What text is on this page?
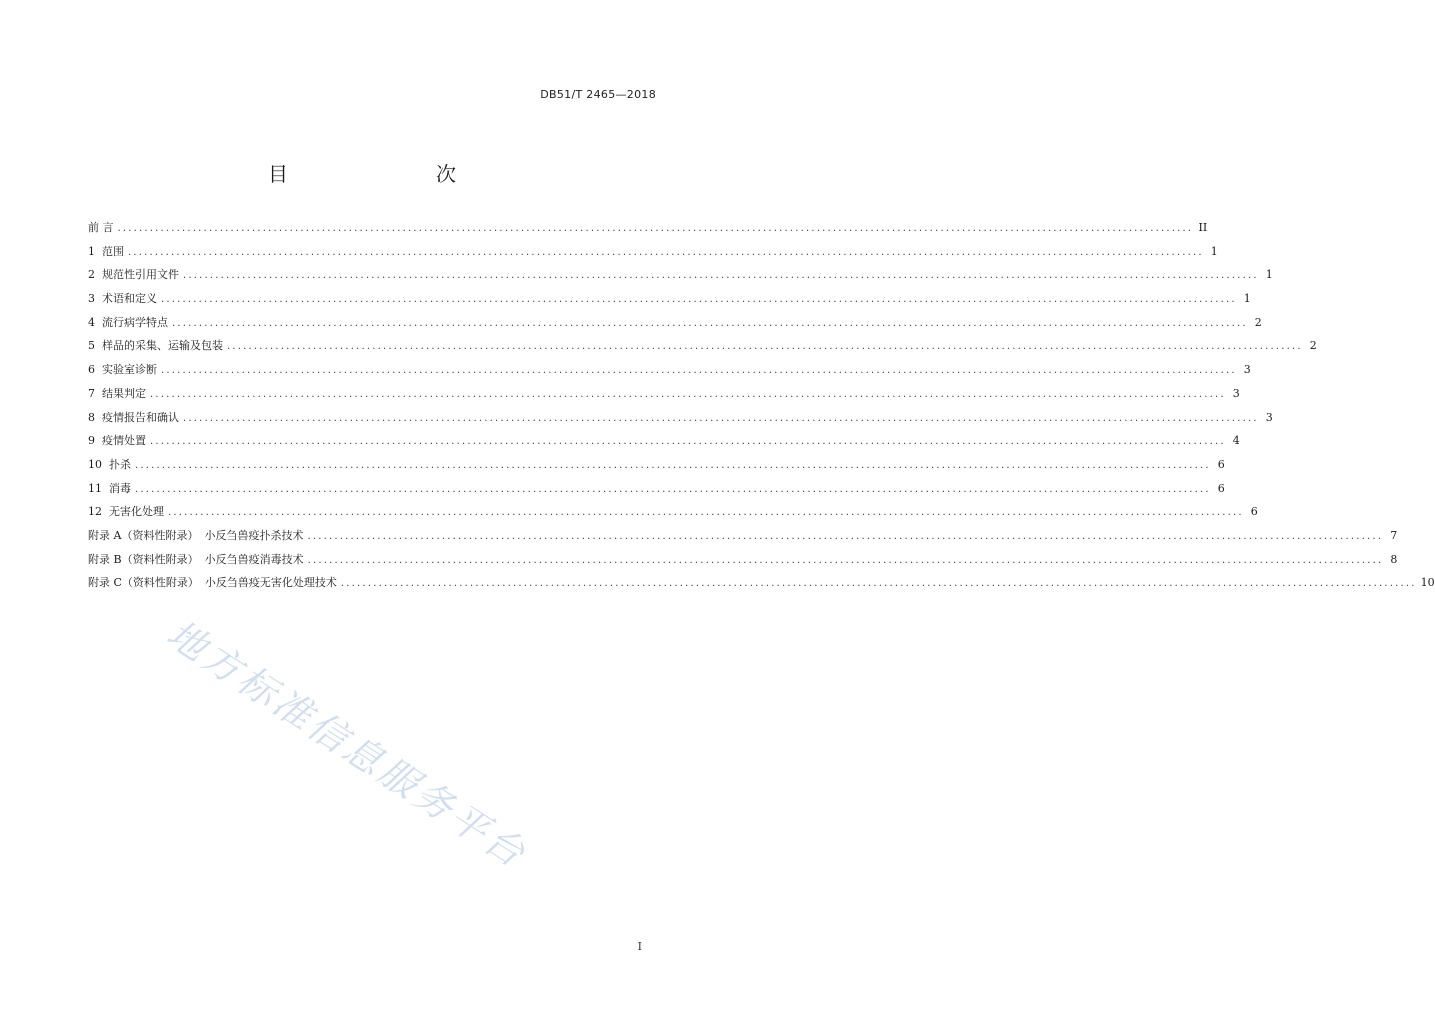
DB51/T 2465—2018
目　　次
前 言 ........................................................................................................................................................................................................ II
1 范围 ........................................................................................................................................................................................................ 1
2 规范性引用文件 ........................................................................................................................................................................................................ 1
3 术语和定义 ........................................................................................................................................................................................................ 1
4 流行病学特点 ........................................................................................................................................................................................................ 2
5 样品的采集、运输及包装 ........................................................................................................................................................................................................ 2
6 实验室诊断 ........................................................................................................................................................................................................ 3
7 结果判定 ........................................................................................................................................................................................................ 3
8 疫情报告和确认 ........................................................................................................................................................................................................ 3
9 疫情处置 ........................................................................................................................................................................................................ 4
10 扑杀 ........................................................................................................................................................................................................ 6
11 消毒 ........................................................................................................................................................................................................ 6
12 无害化处理 ........................................................................................................................................................................................................ 6
附录 A（资料性附录） 小反刍兽疫扑杀技术 ........................................................................................................................................................................................................ 7
附录 B（资料性附录） 小反刍兽疫消毒技术 ........................................................................................................................................................................................................ 8
附录 C（资料性附录） 小反刍兽疫无害化处理技术 ........................................................................................................................................................................................................ 10
地方标准信息服务平台
I
